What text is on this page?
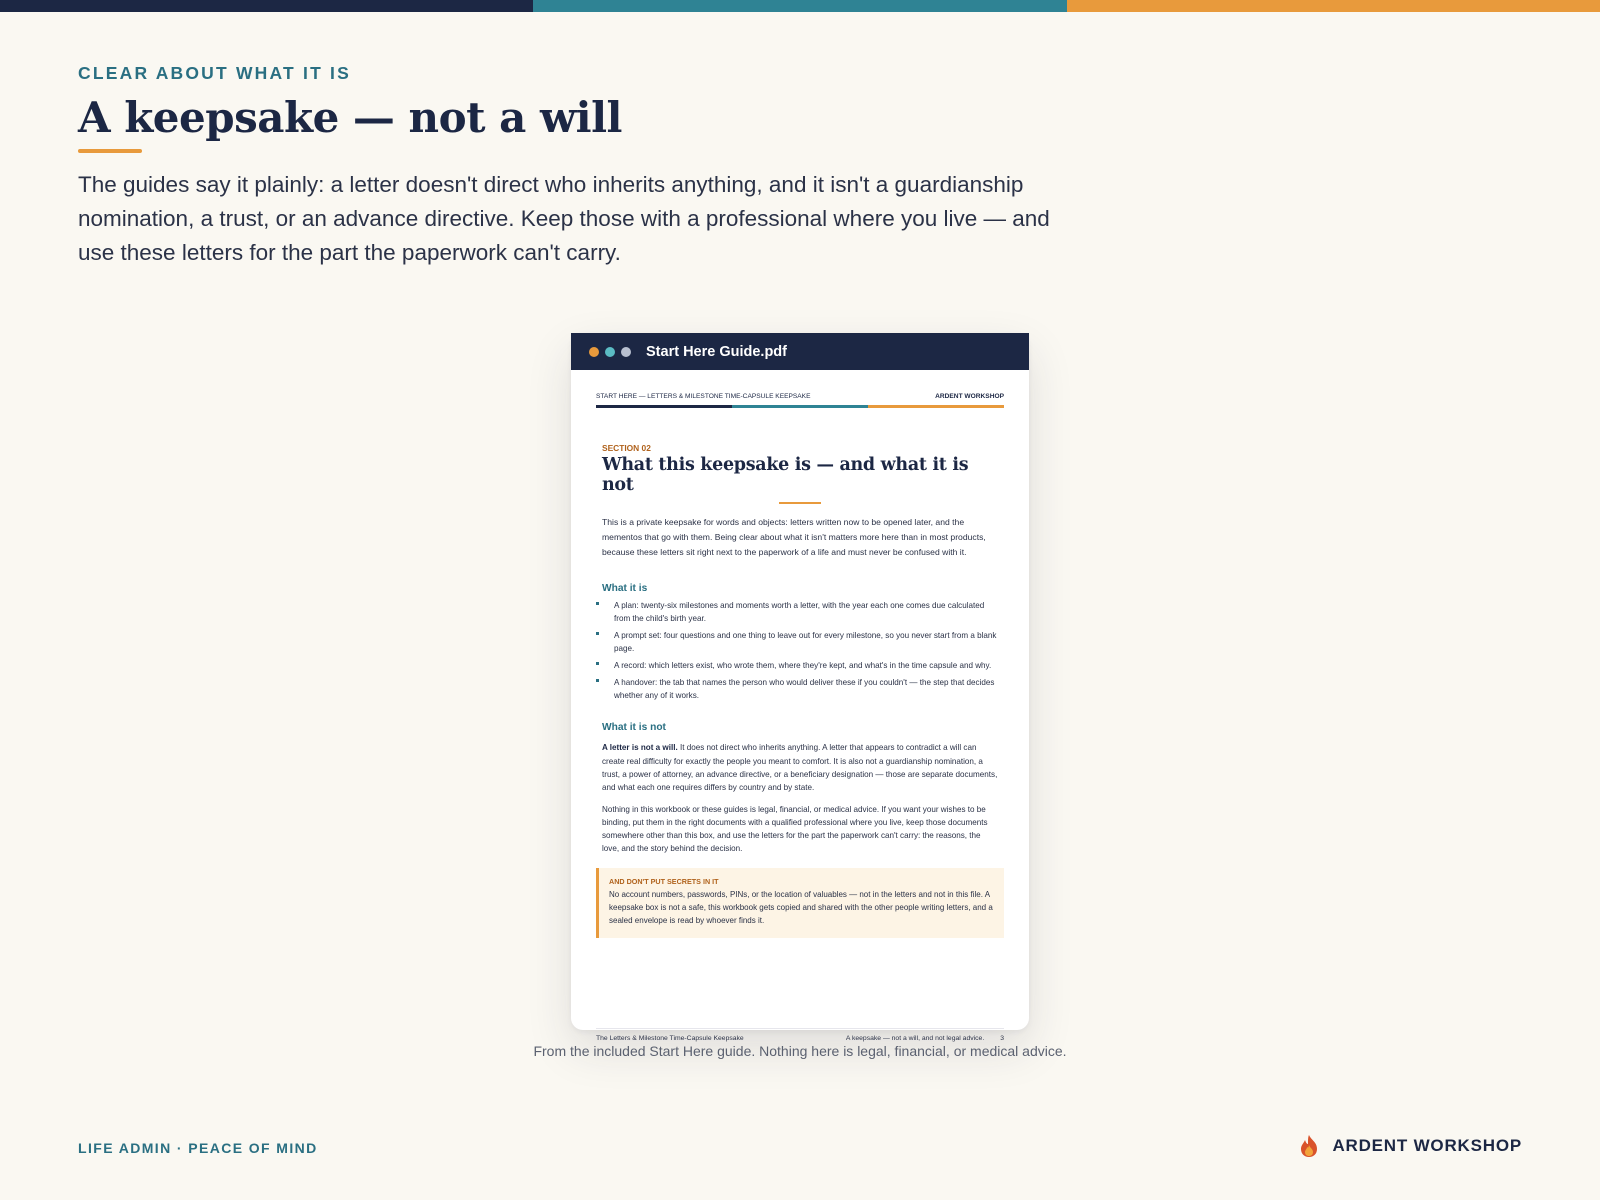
CLEAR ABOUT WHAT IT IS
A keepsake — not a will

The guides say it plainly: a letter doesn't direct who inherits anything, and it isn't a guardianship nomination, a trust, or an advance directive. Keep those with a professional where you live — and use these letters for the part the paperwork can't carry.

Start Here Guide.pdf
START HERE — LETTERS & MILESTONE TIME-CAPSULE KEEPSAKE	ARDENT WORKSHOP
SECTION 02
What this keepsake is — and what it is not

This is a private keepsake for words and objects: letters written now to be opened later, and the mementos that go with them. Being clear about what it isn't matters more here than in most products, because these letters sit right next to the paperwork of a life and must never be confused with it.

What it is
A plan: twenty-six milestones and moments worth a letter, with the year each one comes due calculated from the child's birth year.
A prompt set: four questions and one thing to leave out for every milestone, so you never start from a blank page.
A record: which letters exist, who wrote them, where they're kept, and what's in the time capsule and why.
A handover: the tab that names the person who would deliver these if you couldn't — the step that decides whether any of it works.
What it is not

A letter is not a will. It does not direct who inherits anything. A letter that appears to contradict a will can create real difficulty for exactly the people you meant to comfort. It is also not a guardianship nomination, a trust, a power of attorney, an advance directive, or a beneficiary designation — those are separate documents, and what each one requires differs by country and by state.

Nothing in this workbook or these guides is legal, financial, or medical advice. If you want your wishes to be binding, put them in the right documents with a qualified professional where you live, keep those documents somewhere other than this box, and use the letters for the part the paperwork can't carry: the reasons, the love, and the story behind the decision.

AND DON'T PUT SECRETS IN IT
No account numbers, passwords, PINs, or the location of valuables — not in the letters and not in this file. A keepsake box is not a safe, this workbook gets copied and shared with the other people writing letters, and a sealed envelope is read by whoever finds it.
The Letters & Milestone Time-Capsule Keepsake	A keepsake — not a will, and not legal advice. 3

From the included Start Here guide. Nothing here is legal, financial, or medical advice.

LIFE ADMIN · PEACE OF MIND	ARDENT WORKSHOP
